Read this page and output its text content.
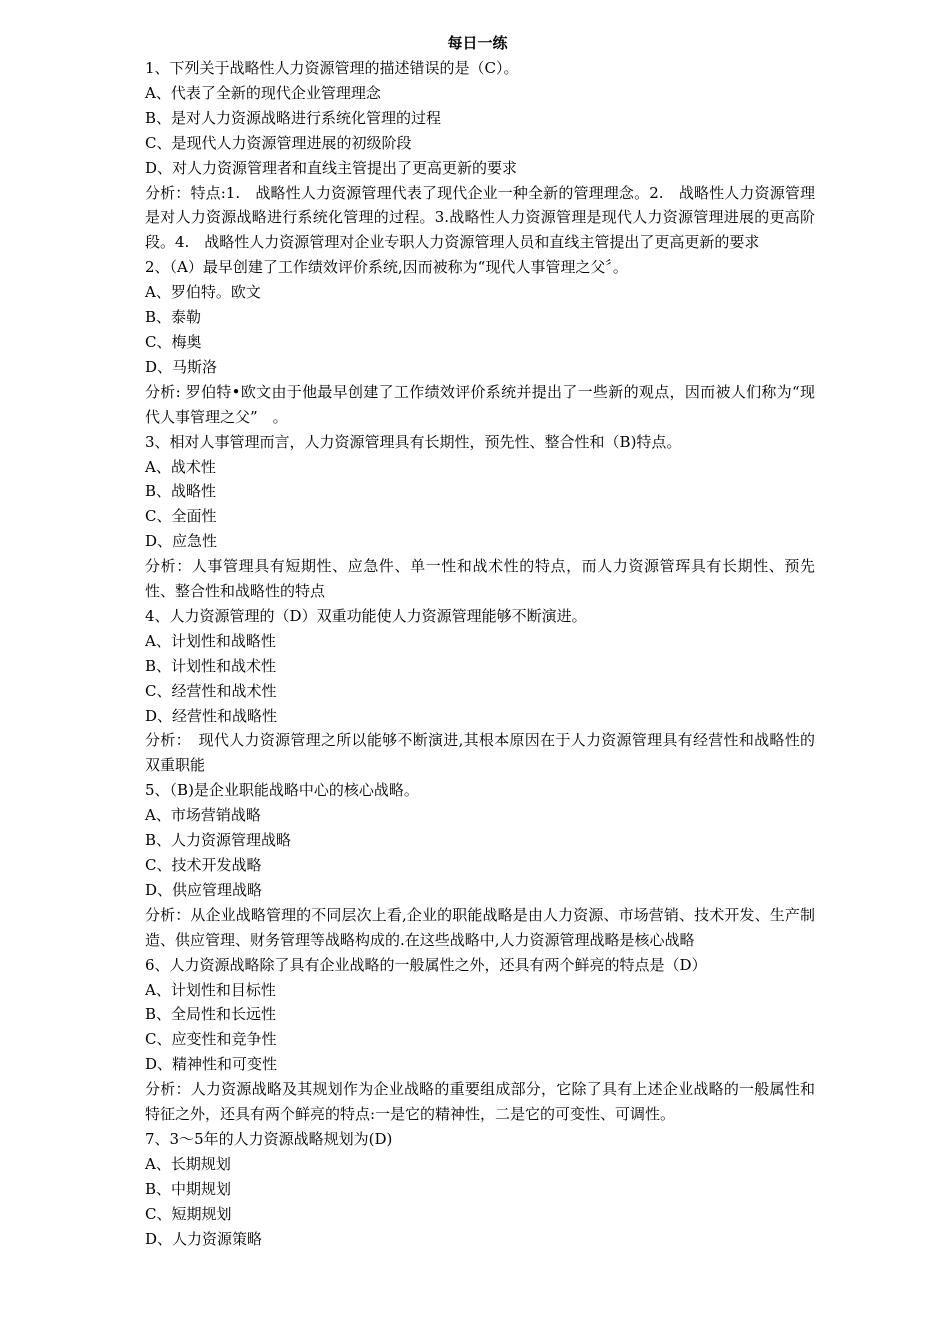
每日一练
1、下列关于战略性人力资源管理的描述错误的是（C）。
A、代表了全新的现代企业管理理念
B、是对人力资源战略进行系统化管理的过程
C、是现代人力资源管理进展的初级阶段
D、对人力资源管理者和直线主管提出了更高更新的要求
分析：特点:1.　战略性人力资源管理代表了现代企业一种全新的管理理念。2.　战略性人力资源管理是对人力资源战略进行系统化管理的过程。3.战略性人力资源管理是现代人力资源管理进展的更高阶段。4.　战略性人力资源管理对企业专职人力资源管理人员和直线主管提出了更高更新的要求
2、（A）最早创建了工作绩效评价系统,因而被称为“现代人事管理之父〞。
A、罗伯特。欧文
B、泰勒
C、梅奥
D、马斯洛
分析: 罗伯特•欧文由于他最早创建了工作绩效评价系统并提出了一些新的观点，因而被人们称为“现代人事管理之父”　。
3、相对人事管理而言，人力资源管理具有长期性，预先性、整合性和（B)特点。
A、战术性
B、战略性
C、全面性
D、应急性
分析：人事管理具有短期性、应急件、单一性和战术性的特点，而人力资源管珲具有长期性、预先性、整合性和战略性的特点
4、人力资源管理的（D）双重功能使人力资源管理能够不断演进。
A、计划性和战略性
B、计划性和战术性
C、经营性和战术性
D、经营性和战略性
分析：　现代人力资源管理之所以能够不断演进,其根本原因在于人力资源管理具有经营性和战略性的双重职能
5、（B)是企业职能战略中心的核心战略。
A、市场营销战略
B、人力资源管理战略
C、技术开发战略
D、供应管理战略
分析：从企业战略管理的不同层次上看,企业的职能战略是由人力资源、市场营销、技术开发、生产制造、供应管理、财务管理等战略构成的.在这些战略中,人力资源管理战略是核心战略
6、人力资源战略除了具有企业战略的一般属性之外，还具有两个鲜亮的特点是（D）
A、计划性和目标性
B、全局性和长远性
C、应变性和竞争性
D、精神性和可变性
分析：人力资源战略及其规划作为企业战略的重要组成部分，它除了具有上述企业战略的一般属性和特征之外，还具有两个鲜亮的特点:一是它的精神性，二是它的可变性、可调性。
7、3～5年的人力资源战略规划为(D)
A、长期规划
B、中期规划
C、短期规划
D、人力资源策略
